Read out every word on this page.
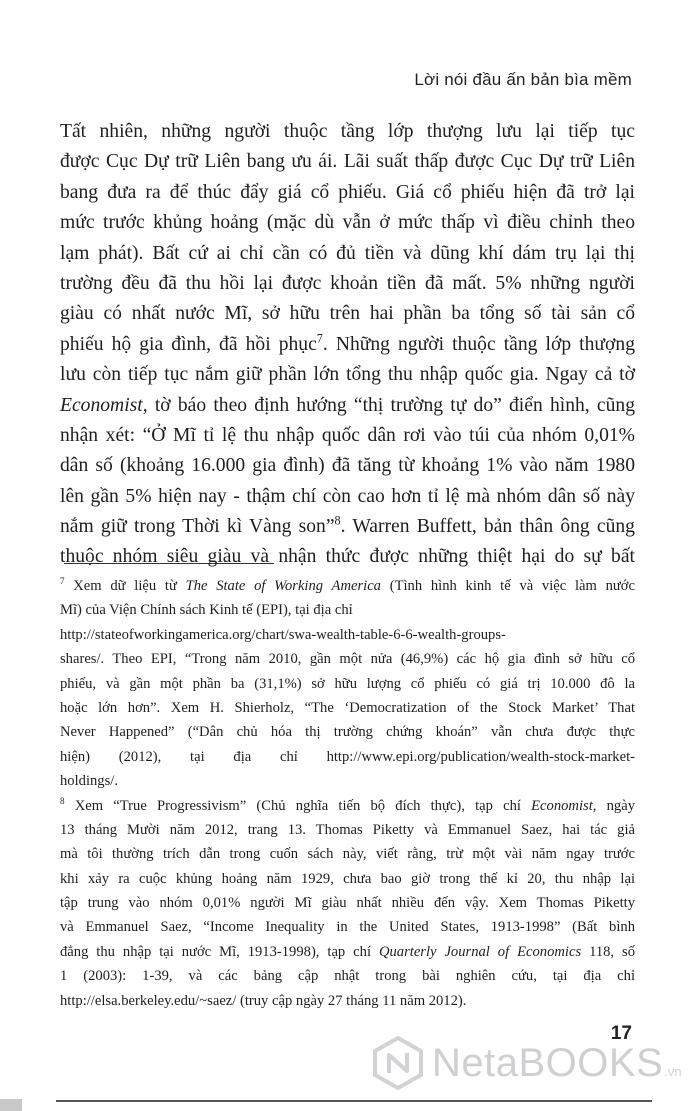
Lời nói đầu ấn bản bìa mềm
Tất nhiên, những người thuộc tầng lớp thượng lưu lại tiếp tục
được Cục Dự trữ Liên bang ưu ái. Lãi suất thấp được Cục Dự trữ Liên
bang đưa ra để thúc đẩy giá cổ phiếu. Giá cổ phiếu hiện đã trở lại
mức trước khủng hoảng (mặc dù vẫn ở mức thấp vì điều chỉnh theo
lạm phát). Bất cứ ai chỉ cần có đủ tiền và dũng khí dám trụ lại thị
trường đều đã thu hồi lại được khoản tiền đã mất. 5% những người
giàu có nhất nước Mĩ, sở hữu trên hai phần ba tổng số tài sản cổ
phiếu hộ gia đình, đã hồi phục$^7$. Những người thuộc tầng lớp thượng
lưu còn tiếp tục nắm giữ phần lớn tổng thu nhập quốc gia. Ngay cả tờ
Economist, tờ báo theo định hướng “thị trường tự do” điển hình, cũng
nhận xét: “Ở Mĩ tỉ lệ thu nhập quốc dân rơi vào túi của nhóm 0,01%
dân số (khoảng 16.000 gia đình) đã tăng từ khoảng 1% vào năm 1980
lên gần 5% hiện nay - thậm chí còn cao hơn tỉ lệ mà nhóm dân số này
nắm giữ trong Thời kì Vàng son”$^8$. Warren Buffett, bản thân ông cũng
thuộc nhóm siêu giàu và nhận thức được những thiệt hại do sự bất
$^7$ Xem dữ liệu từ The State of Working America (Tình hình kinh tế và việc làm nước
Mĩ) của Viện Chính sách Kinh tế (EPI), tại địa chỉ
http://stateofworkingamerica.org/chart/swa-wealth-table-6-6-wealth-groups-
shares/. Theo EPI, “Trong năm 2010, gần một nửa (46,9%) các hộ gia đình sở hữu cổ
phiếu, và gần một phần ba (31,1%) sở hữu lượng cổ phiếu có giá trị 10.000 đô la
hoặc lớn hơn”. Xem H. Shierholz, “The ‘Democratization of the Stock Market’ That
Never Happened” (“Dân chủ hóa thị trường chứng khoán” vẫn chưa được thực
hiện) (2012), tại địa chỉ http://www.epi.org/publication/wealth-stock-market-
holdings/.
$^8$ Xem “True Progressivism” (Chủ nghĩa tiến bộ đích thực), tạp chí Economist, ngày
13 tháng Mười năm 2012, trang 13. Thomas Piketty và Emmanuel Saez, hai tác giả
mà tôi thường trích dẫn trong cuốn sách này, viết rằng, trừ một vài năm ngay trước
khi xảy ra cuộc khủng hoảng năm 1929, chưa bao giờ trong thế kỉ 20, thu nhập lại
tập trung vào nhóm 0,01% người Mĩ giàu nhất nhiều đến vậy. Xem Thomas Piketty
và Emmanuel Saez, “Income Inequality in the United States, 1913-1998” (Bất bình
đẳng thu nhập tại nước Mĩ, 1913-1998), tạp chí Quarterly Journal of Economics 118, số
1 (2003): 1-39, và các bảng cập nhật trong bài nghiên cứu, tại địa chỉ
http://elsa.berkeley.edu/~saez/ (truy cập ngày 27 tháng 11 năm 2012).
17
NetaBOOKS .vn
